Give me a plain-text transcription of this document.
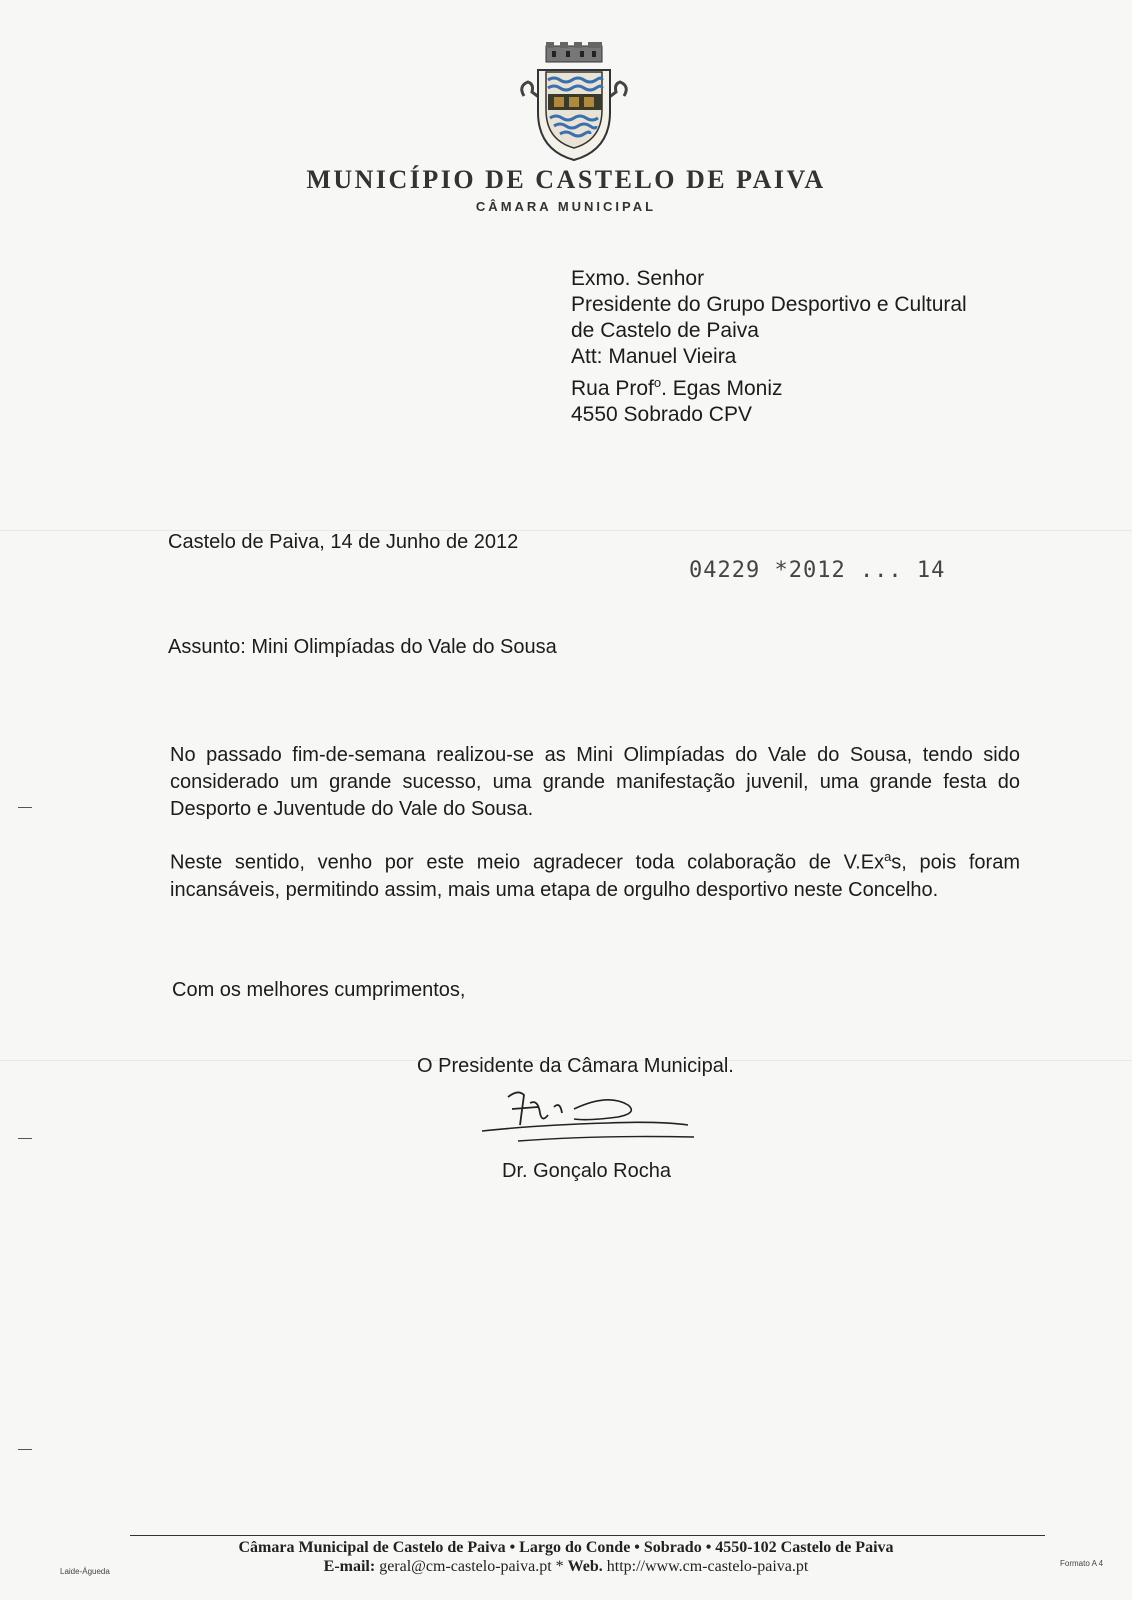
MUNICÍPIO DE CASTELO DE PAIVA
CÂMARA MUNICIPAL
Exmo. Senhor
Presidente do Grupo Desportivo e Cultural
de Castelo de Paiva
Att: Manuel Vieira
Rua Prof$^o$. Egas Moniz
4550 Sobrado CPV
Castelo de Paiva, 14 de Junho de 2012
04229 *2012 ... 14
Assunto: Mini Olimpíadas do Vale do Sousa
No passado fim-de-semana realizou-se as Mini Olimpíadas do Vale do Sousa, tendo sido considerado um grande sucesso, uma grande manifestação juvenil, uma grande festa do Desporto e Juventude do Vale do Sousa.
Neste sentido, venho por este meio agradecer toda colaboração de V.Ex$^a$s, pois foram incansáveis, permitindo assim, mais uma etapa de orgulho desportivo neste Concelho.
Com os melhores cumprimentos,
O Presidente da Câmara Municipal.
Dr. Gonçalo Rocha
Câmara Municipal de Castelo de Paiva • Largo do Conde • Sobrado • 4550-102 Castelo de Paiva
E-mail: geral@cm-castelo-paiva.pt * Web. http://www.cm-castelo-paiva.pt
Laide-Águeda
Formato A 4
